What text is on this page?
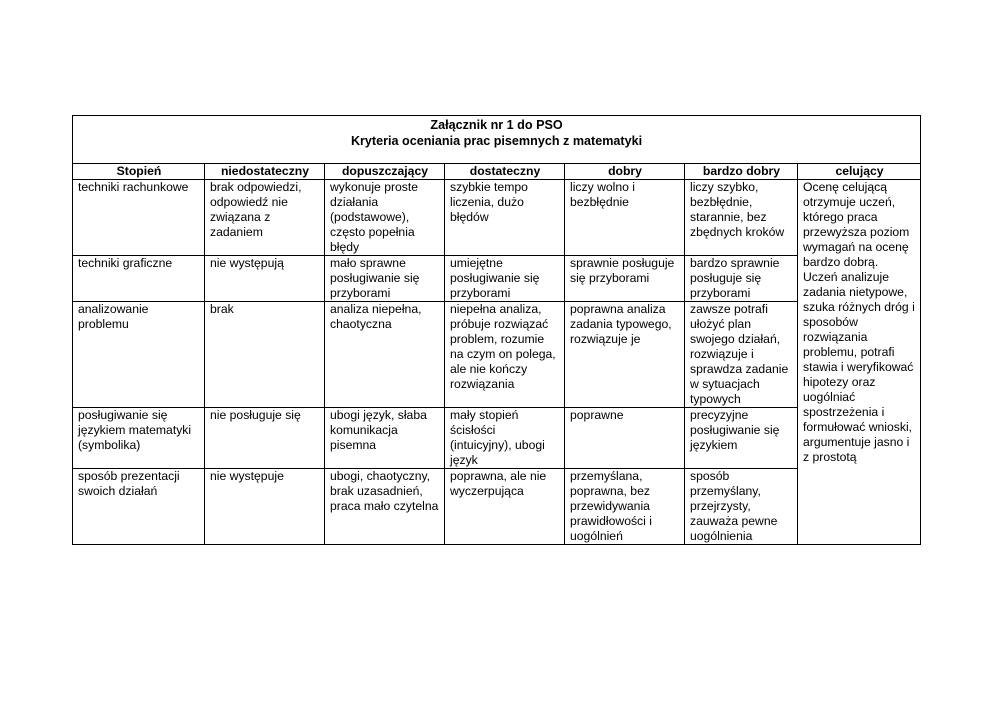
Załącznik nr 1 do PSO
Kryteria oceniania prac pisemnych z matematyki						

Stopień	niedostateczny	dopuszczający	dostateczny	dobry	bardzo dobry	celujący
techniki rachunkowe	brak odpowiedzi, odpowiedź nie związana z zadaniem	wykonuje proste działania (podstawowe), często popełnia błędy	szybkie tempo liczenia, dużo błędów	liczy wolno i bezbłędnie	liczy szybko, bezbłędnie, starannie, bez zbędnych kroków	Ocenę celującą otrzymuje uczeń, którego praca przewyższa poziom wymagań na ocenę bardzo dobrą. Uczeń analizuje zadania nietypowe, szuka różnych dróg i sposobów rozwiązania problemu, potrafi stawia i weryfikować hipotezy oraz uogólniać spostrzeżenia i formułować wnioski, argumentuje jasno i z prostotą
techniki graficzne	nie występują	mało sprawne posługiwanie się przyborami	umiejętne posługiwanie się przyborami	sprawnie posługuje się przyborami	bardzo sprawnie posługuje się przyborami	
analizowanie problemu	brak	analiza niepełna, chaotyczna	niepełna analiza, próbuje rozwiązać problem, rozumie na czym on polega, ale nie kończy rozwiązania	poprawna analiza zadania typowego, rozwiązuje je	zawsze potrafi ułożyć plan swojego działań, rozwiązuje i sprawdza zadanie w sytuacjach typowych	
posługiwanie się językiem matematyki (symbolika)	nie posługuje się	ubogi język, słaba komunikacja pisemna	mały stopień ścisłości (intuicyjny), ubogi język	poprawne	precyzyjne posługiwanie się językiem	
sposób prezentacji swoich działań	nie występuje	ubogi, chaotyczny, brak uzasadnień, praca mało czytelna	poprawna, ale nie wyczerpująca	przemyślana, poprawna, bez przewidywania prawidłowości i uogólnień	sposób przemyślany, przejrzysty, zauważa pewne uogólnienia	
